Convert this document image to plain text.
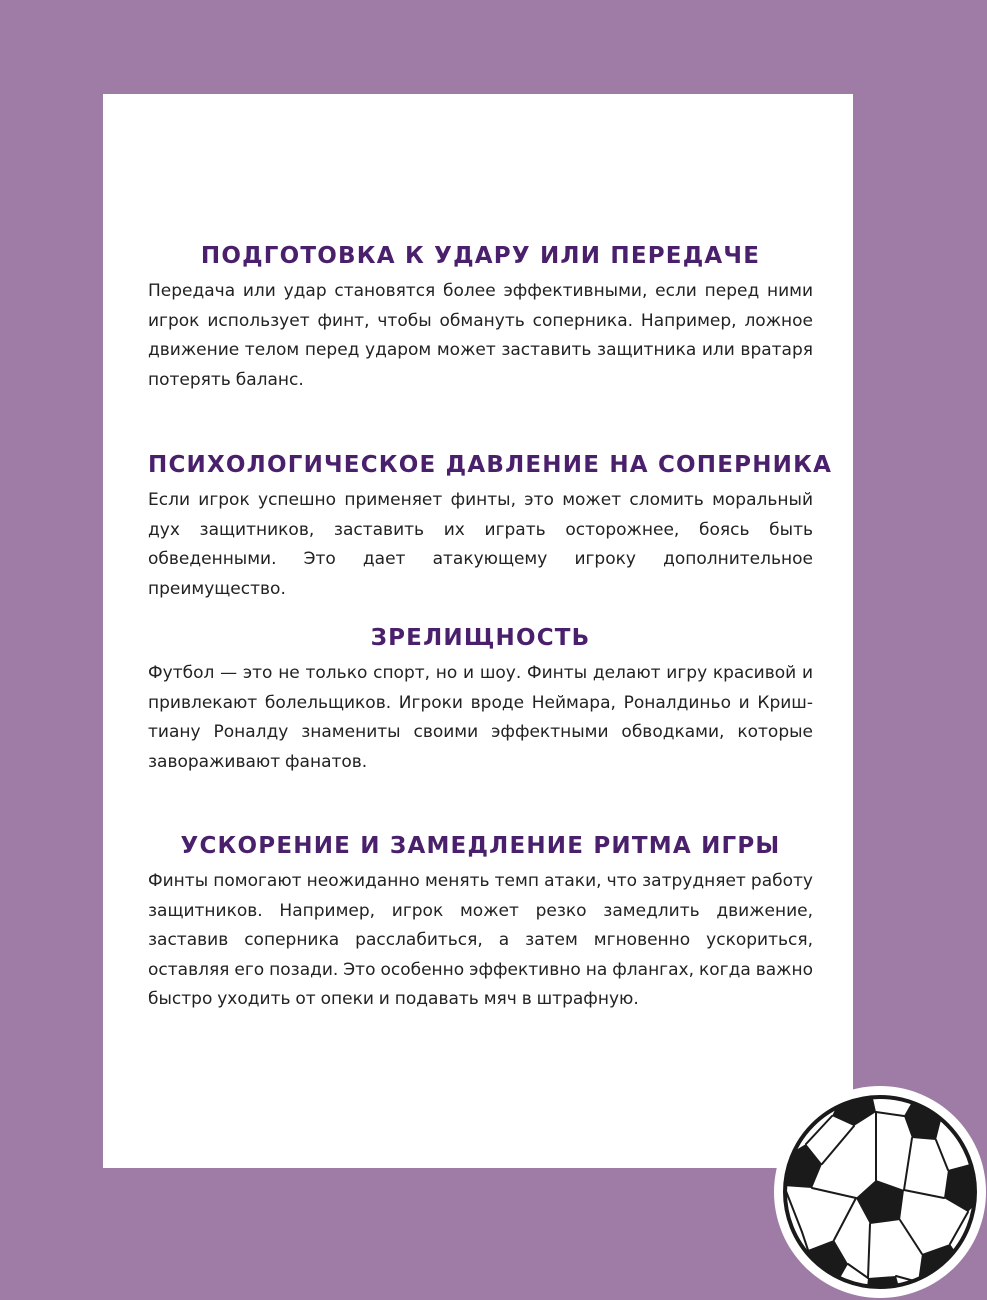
ПОДГОТОВКА К УДАРУ ИЛИ ПЕРЕДАЧЕ

Передача или удар становятся более эффективными, если перед ними игрок использует финт, чтобы обмануть соперника. Например, ложное движение телом перед ударом может заставить защитника или вратаря потерять баланс.

ПСИХОЛОГИЧЕСКОЕ ДАВЛЕНИЕ НА СОПЕРНИКА

Если игрок успешно применяет финты, это может сломить моральный дух защитников, заставить их играть осторожнее, боясь быть обведенными. Это дает атакующему игроку дополнительное преимущество.

ЗРЕЛИЩНОСТЬ

Футбол — это не только спорт, но и шоу. Финты делают игру красивой и привлекают болельщиков. Игроки вроде Неймара, Роналдиньо и Криштиану Роналду знамениты своими эффектными обводками, которые завораживают фанатов.

УСКОРЕНИЕ И ЗАМЕДЛЕНИЕ РИТМА ИГРЫ

Финты помогают неожиданно менять темп атаки, что затрудняет работу защитников. Например, игрок может резко замедлить движение, заставив соперника расслабиться, а затем мгновенно ускориться, оставляя его позади. Это особенно эффективно на флангах, когда важно быстро уходить от опеки и подавать мяч в штрафную.
